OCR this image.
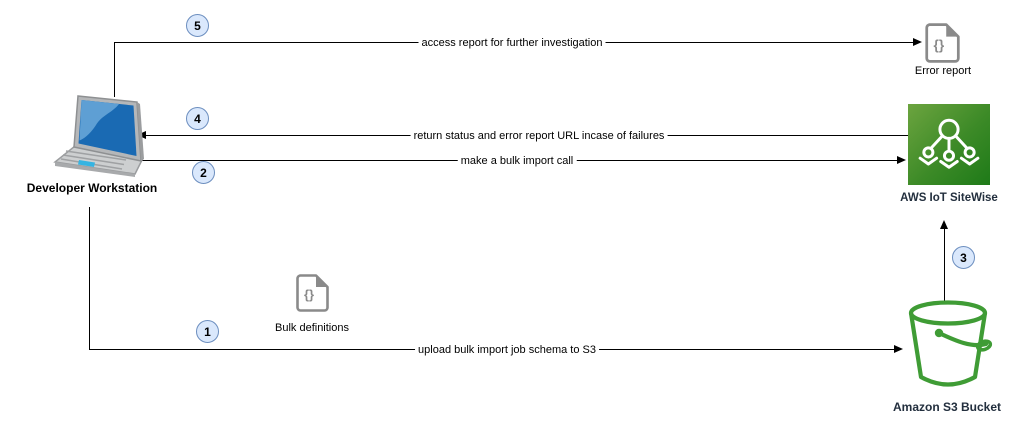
access report for further investigation
5
return status and error report URL incase of failures
4
make a bulk import call
2
upload bulk import job schema to S3
1
3
Developer Workstation
{}
Error report
{}
Bulk definitions
AWS IoT SiteWise
Amazon S3 Bucket
